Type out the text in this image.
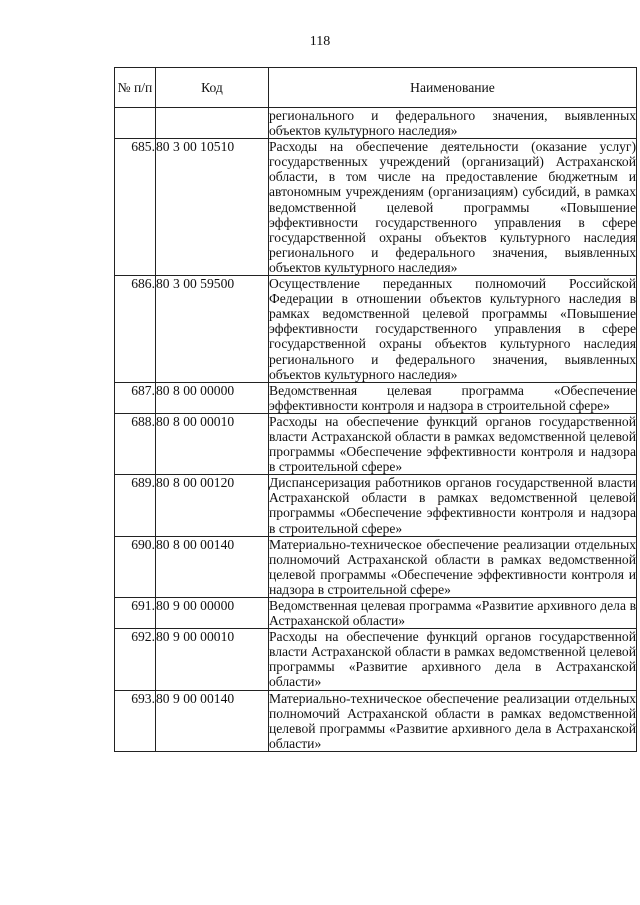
118
№ п/п	Код	Наименование
		регионального и федерального значения, выявленных объектов культурного наследия»
685.	80 3 00 10510	Расходы на обеспечение деятельности (оказание услуг) государственных учреждений (организаций) Астраханской области, в том числе на предоставление бюджетным и автономным учреждениям (организациям) субсидий, в рамках ведомственной целевой программы «Повышение эффективности государственного управления в сфере государственной охраны объектов культурного наследия регионального и федерального значения, выявленных объектов культурного наследия»
686.	80 3 00 59500	Осуществление переданных полномочий Российской Федерации в отношении объектов культурного наследия в рамках ведомственной целевой программы «Повышение эффективности государственного управления в сфере государственной охраны объектов культурного наследия регионального и федерального значения, выявленных объектов культурного наследия»
687.	80 8 00 00000	Ведомственная целевая программа «Обеспечение эффективности контроля и надзора в строительной сфере»
688.	80 8 00 00010	Расходы на обеспечение функций органов государственной власти Астраханской области в рамках ведомственной целевой программы «Обеспечение эффективности контроля и надзора в строительной сфере»
689.	80 8 00 00120	Диспансеризация работников органов государственной власти Астраханской области в рамках ведомственной целевой программы «Обеспечение эффективности контроля и надзора в строительной сфере»
690.	80 8 00 00140	Материально-техническое обеспечение реализации отдельных полномочий Астраханской области в рамках ведомственной целевой программы «Обеспечение эффективности контроля и надзора в строительной сфере»
691.	80 9 00 00000	Ведомственная целевая программа «Развитие архивного дела в Астраханской области»
692.	80 9 00 00010	Расходы на обеспечение функций органов государственной власти Астраханской области в рамках ведомственной целевой программы «Развитие архивного дела в Астраханской области»
693.	80 9 00 00140	Материально-техническое обеспечение реализации отдельных полномочий Астраханской области в рамках ведомственной целевой программы «Развитие архивного дела в Астраханской области»
